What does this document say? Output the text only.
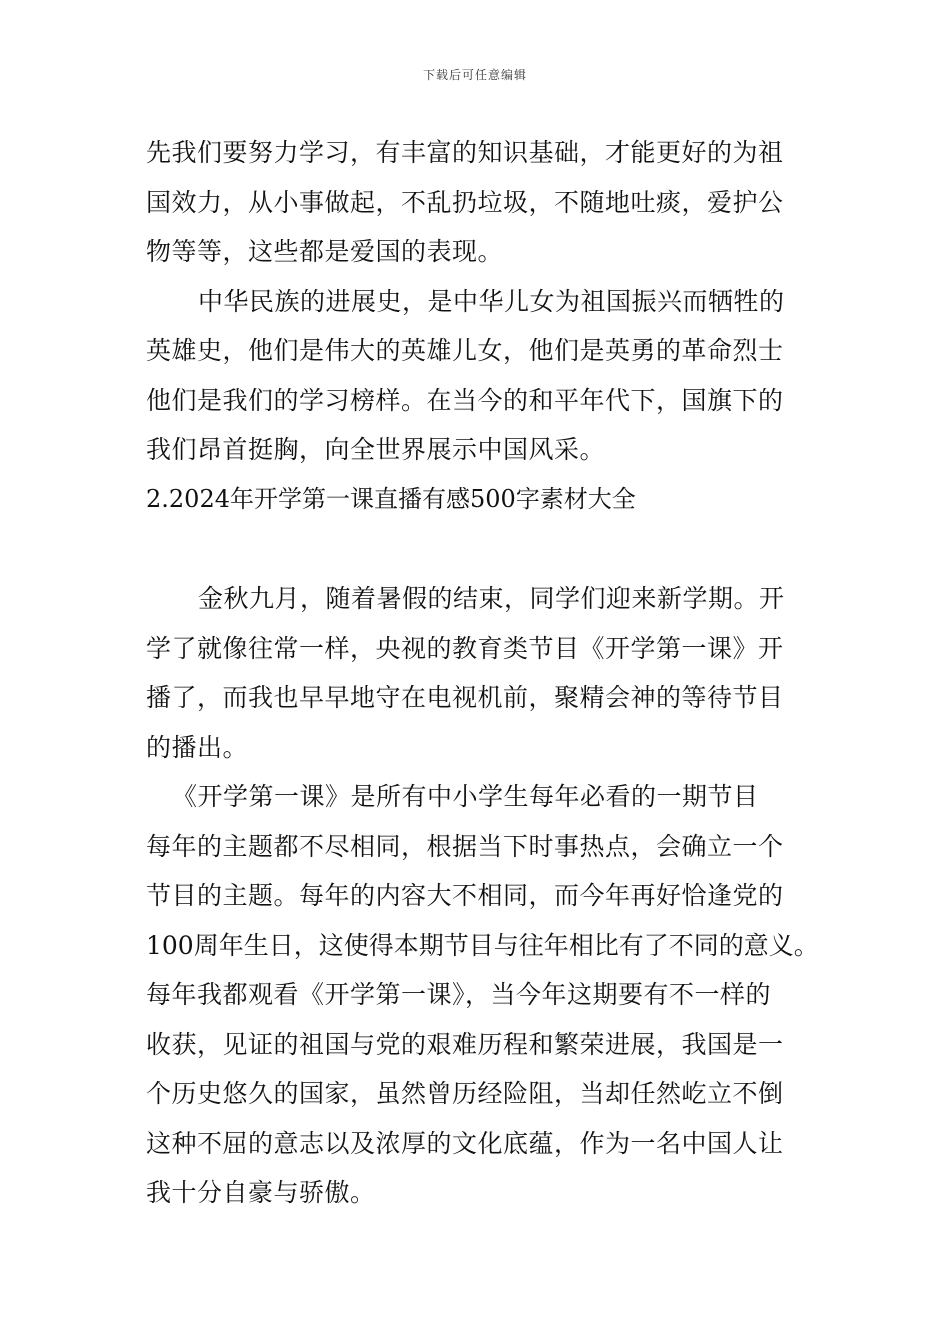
下载后可任意编辑
先我们要努力学习，有丰富的知识基础，才能更好的为祖
国效力，从小事做起，不乱扔垃圾，不随地吐痰，爱护公
物等等，这些都是爱国的表现。
中华民族的进展史，是中华儿女为祖国振兴而牺牲的
英雄史，他们是伟大的英雄儿女，他们是英勇的革命烈士
他们是我们的学习榜样。在当今的和平年代下，国旗下的
我们昂首挺胸，向全世界展示中国风采。
2.2024年开学第一课直播有感500字素材大全
金秋九月，随着暑假的结束，同学们迎来新学期。开
学了就像往常一样，央视的教育类节目《开学第一课》开
播了，而我也早早地守在电视机前，聚精会神的等待节目
的播出。
《开学第一课》是所有中小学生每年必看的一期节目
每年的主题都不尽相同，根据当下时事热点，会确立一个
节目的主题。每年的内容大不相同，而今年再好恰逢党的
100周年生日，这使得本期节目与往年相比有了不同的意义。
每年我都观看《开学第一课》，当今年这期要有不一样的
收获，见证的祖国与党的艰难历程和繁荣进展，我国是一
个历史悠久的国家，虽然曾历经险阻，当却任然屹立不倒
这种不屈的意志以及浓厚的文化底蕴，作为一名中国人让
我十分自豪与骄傲。
